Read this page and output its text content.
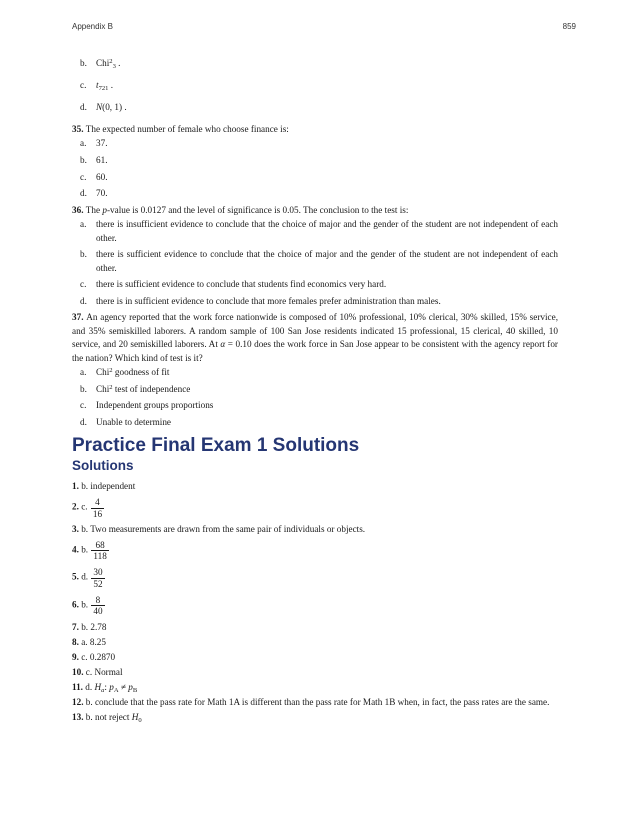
Appendix B	859
b. Chi$^2_3$ .
c.	$t_{721}$ .
d. N(0, 1) .

35. The expected number of female who choose finance is:

a.	37.
b. 61.
c.	60.
d. 70.

36. The p-value is 0.0127 and the level of significance is 0.05. The conclusion to the test is:

a.	there is insufficient evidence to conclude that the choice of major and the gender of the student are not independent of each other.
b. there is sufficient evidence to conclude that the choice of major and the gender of the student are not independent of each other.
c.	there is sufficient evidence to conclude that students find economics very hard.
d. there is in sufficient evidence to conclude that more females prefer administration than males.

37. An agency reported that the work force nationwide is composed of 10% professional, 10% clerical, 30% skilled, 15% service, and 35% semiskilled laborers. A random sample of 100 San Jose residents indicated 15 professional, 15 clerical, 40 skilled, 10 service, and 20 semiskilled laborers. At α = 0.10 does the work force in San Jose appear to be consistent with the agency report for the nation? Which kind of test is it?

a.	Chi$^2$ goodness of fit
b. Chi$^2$ test of independence
c.	Independent groups proportions
d. Unable to determine
Practice Final Exam 1 Solutions
Solutions

1. b. independent

2. c. $\frac{4}{16}$

3. b. Two measurements are drawn from the same pair of individuals or objects.

4. b. $\frac{68}{118}$

5. d. $\frac{30}{52}$

6. b. $\frac{8}{40}$

7. b. 2.78

8. a. 8.25

9. c. 0.2870

10. c. Normal

11. d. $H_a$: $p_A \ne p_B$

12. b. conclude that the pass rate for Math 1A is different than the pass rate for Math 1B when, in fact, the pass rates are the same.

13. b. not reject $H_0$
